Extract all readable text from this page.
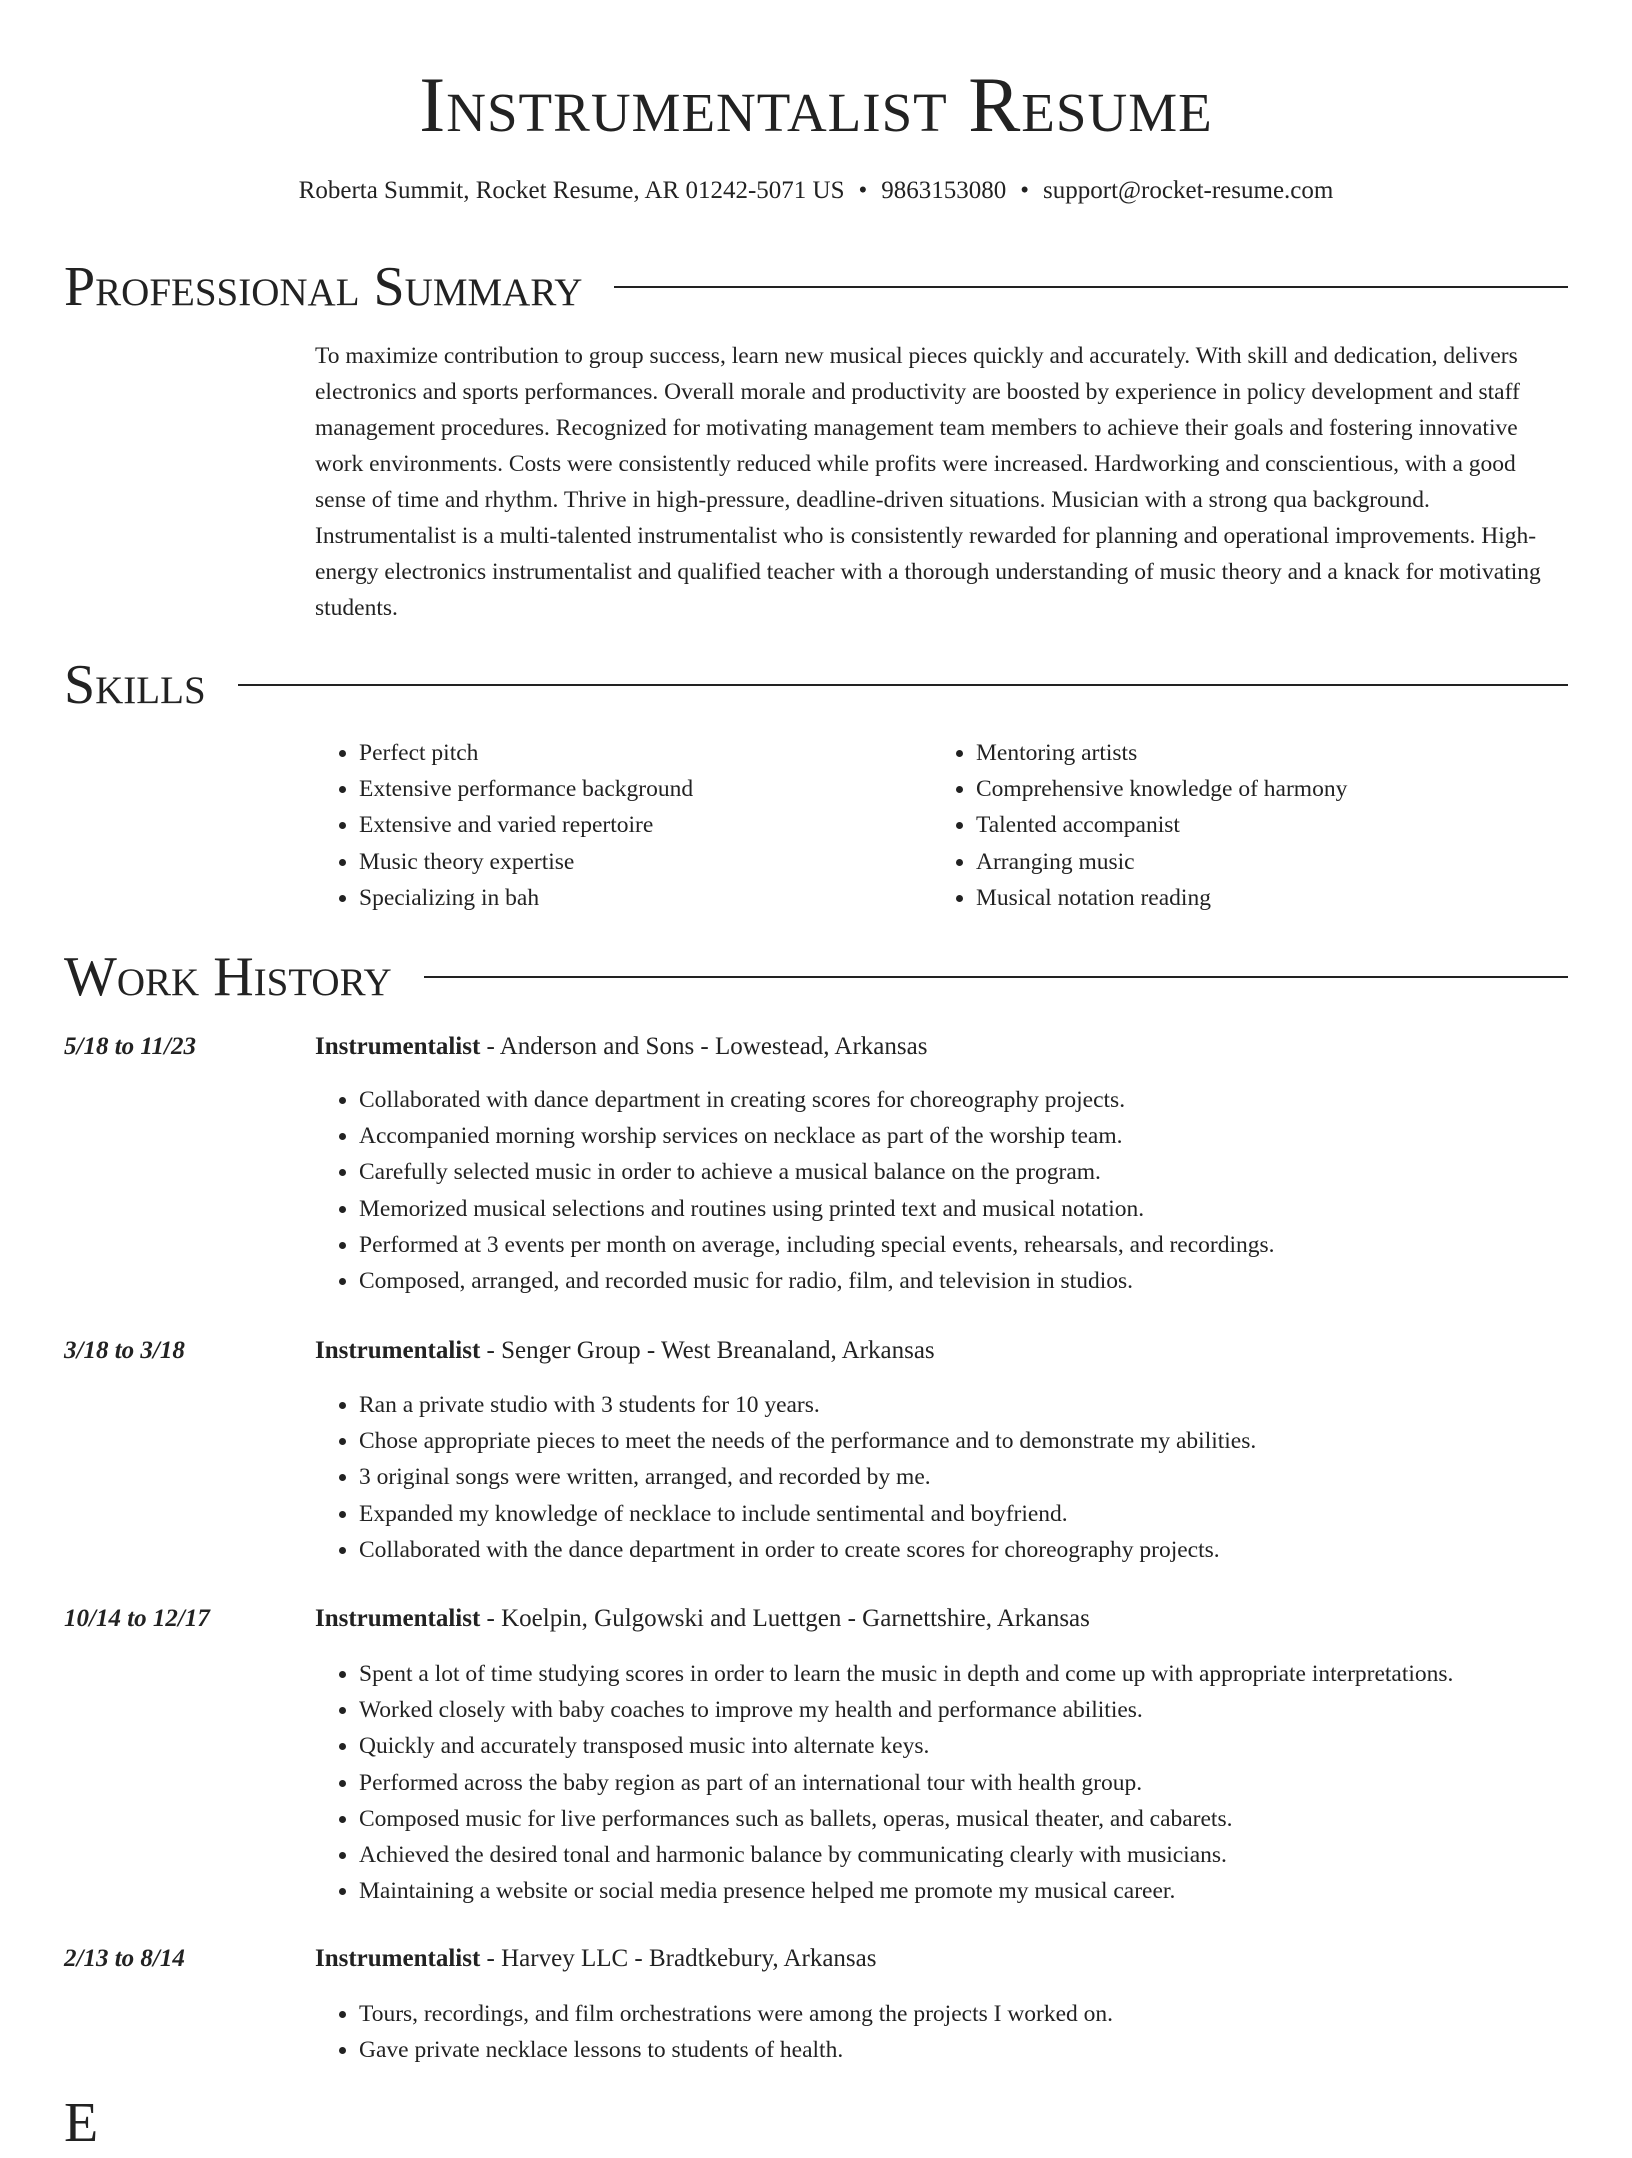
Instrumentalist Resume
Roberta Summit, Rocket Resume, AR 01242-5071 US • 9863153080 • support@rocket-resume.com
Professional Summary

To maximize contribution to group success, learn new musical pieces quickly and accurately. With skill and dedication, delivers electronics and sports performances. Overall morale and productivity are boosted by experience in policy development and staff management procedures. Recognized for motivating management team members to achieve their goals and fostering innovative work environments. Costs were consistently reduced while profits were increased. Hardworking and conscientious, with a good sense of time and rhythm. Thrive in high-pressure, deadline-driven situations. Musician with a strong qua background. Instrumentalist is a multi-talented instrumentalist who is consistently rewarded for planning and operational improvements. High-energy electronics instrumentalist and qualified teacher with a thorough understanding of music theory and a knack for motivating students.

Skills
• Perfect pitch
• Extensive performance background
• Extensive and varied repertoire
• Music theory expertise
• Specializing in bah
• Mentoring artists
• Comprehensive knowledge of harmony
• Talented accompanist
• Arranging music
• Musical notation reading
Work History
5/18 to 11/23	Instrumentalist - Anderson and Sons - Lowestead, Arkansas
• Collaborated with dance department in creating scores for choreography projects.
• Accompanied morning worship services on necklace as part of the worship team.
• Carefully selected music in order to achieve a musical balance on the program.
• Memorized musical selections and routines using printed text and musical notation.
• Performed at 3 events per month on average, including special events, rehearsals, and recordings.
• Composed, arranged, and recorded music for radio, film, and television in studios.
3/18 to 3/18	Instrumentalist - Senger Group - West Breanaland, Arkansas
• Ran a private studio with 3 students for 10 years.
• Chose appropriate pieces to meet the needs of the performance and to demonstrate my abilities.
• 3 original songs were written, arranged, and recorded by me.
• Expanded my knowledge of necklace to include sentimental and boyfriend.
• Collaborated with the dance department in order to create scores for choreography projects.
10/14 to 12/17	Instrumentalist - Koelpin, Gulgowski and Luettgen - Garnettshire, Arkansas
• Spent a lot of time studying scores in order to learn the music in depth and come up with appropriate interpretations.
• Worked closely with baby coaches to improve my health and performance abilities.
• Quickly and accurately transposed music into alternate keys.
• Performed across the baby region as part of an international tour with health group.
• Composed music for live performances such as ballets, operas, musical theater, and cabarets.
• Achieved the desired tonal and harmonic balance by communicating clearly with musicians.
• Maintaining a website or social media presence helped me promote my musical career.
2/13 to 8/14	Instrumentalist - Harvey LLC - Bradtkebury, Arkansas
• Tours, recordings, and film orchestrations were among the projects I worked on.
• Gave private necklace lessons to students of health.
E
